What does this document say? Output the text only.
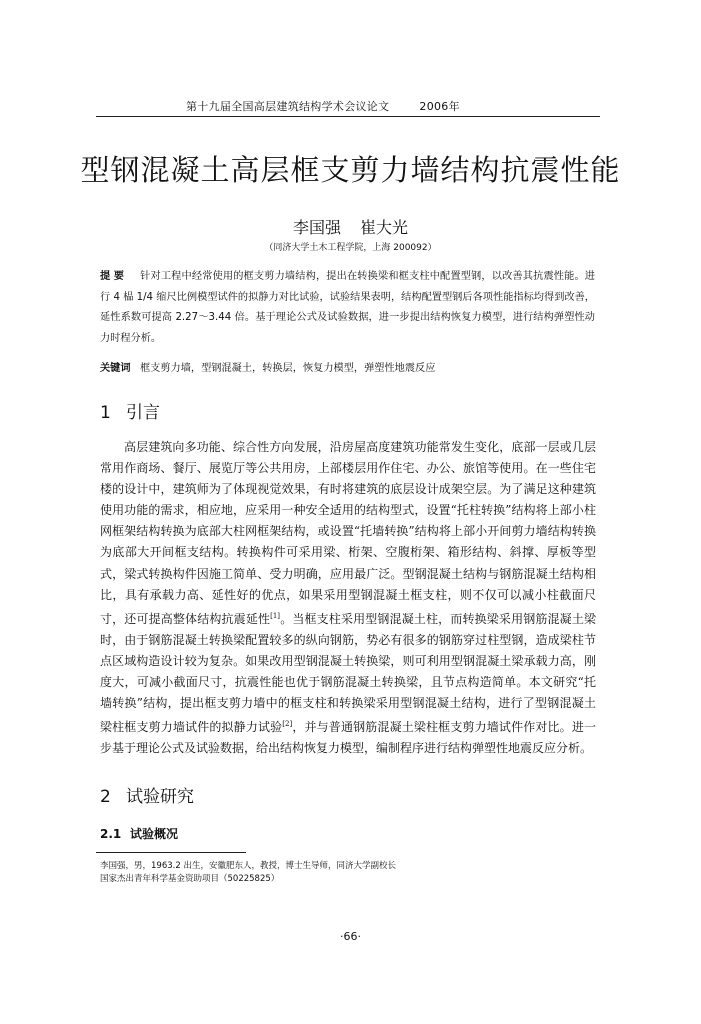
第十九届全国高层建筑结构学术会议论文	2006年
型钢混凝土高层框支剪力墙结构抗震性能
李国强 崔大光
（同济大学土木工程学院，上海 200092）
提 要 针对工程中经常使用的框支剪力墙结构，提出在转换梁和框支柱中配置型钢，以改善其抗震性能。进行 4 榀 1/4 缩尺比例模型试件的拟静力对比试验，试验结果表明，结构配置型钢后各项性能指标均得到改善，延性系数可提高 2.27～3.44 倍。基于理论公式及试验数据，进一步提出结构恢复力模型，进行结构弹塑性动力时程分析。
关键词 框支剪力墙，型钢混凝土，转换层，恢复力模型，弹塑性地震反应
1 引言

高层建筑向多功能、综合性方向发展，沿房屋高度建筑功能常发生变化，底部一层或几层常用作商场、餐厅、展览厅等公共用房，上部楼层用作住宅、办公、旅馆等使用。在一些住宅楼的设计中，建筑师为了体现视觉效果，有时将建筑的底层设计成架空层。为了满足这种建筑使用功能的需求，相应地，应采用一种安全适用的结构型式，设置“托柱转换”结构将上部小柱网框架结构转换为底部大柱网框架结构，或设置“托墙转换”结构将上部小开间剪力墙结构转换为底部大开间框支结构。转换构件可采用梁、桁架、空腹桁架、箱形结构、斜撑、厚板等型式，梁式转换构件因施工简单、受力明确，应用最广泛。型钢混凝土结构与钢筋混凝土结构相比，具有承载力高、延性好的优点，如果采用型钢混凝土框支柱，则不仅可以减小柱截面尺寸，还可提高整体结构抗震延性[1]。当框支柱采用型钢混凝土柱，而转换梁采用钢筋混凝土梁时，由于钢筋混凝土转换梁配置较多的纵向钢筋，势必有很多的钢筋穿过柱型钢，造成梁柱节点区域构造设计较为复杂。如果改用型钢混凝土转换梁，则可利用型钢混凝土梁承载力高，刚度大，可减小截面尺寸，抗震性能也优于钢筋混凝土转换梁，且节点构造简单。本文研究“托墙转换”结构，提出框支剪力墙中的框支柱和转换梁采用型钢混凝土结构，进行了型钢混凝土梁柱框支剪力墙试件的拟静力试验[2]，并与普通钢筋混凝土梁柱框支剪力墙试件作对比。进一步基于理论公式及试验数据，给出结构恢复力模型，编制程序进行结构弹塑性地震反应分析。

2 试验研究
2.1 试验概况
李国强，男，1963.2 出生，安徽肥东人，教授，博士生导师，同济大学副校长
国家杰出青年科学基金资助项目（50225825）
·66·
